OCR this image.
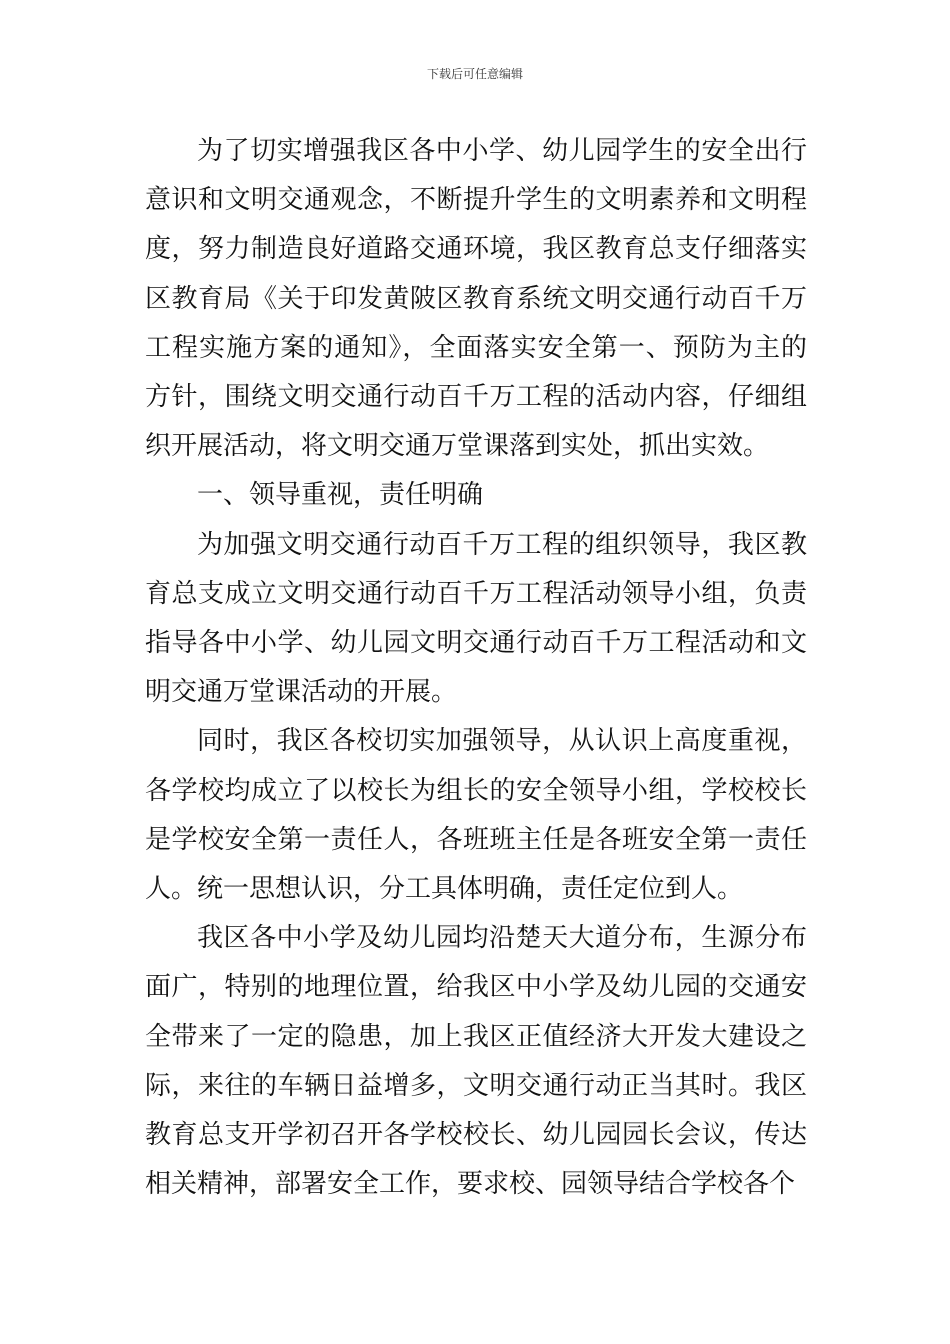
下载后可任意编辑

为了切实增强我区各中小学、幼儿园学生的安全出行意识和文明交通观念，不断提升学生的文明素养和文明程度，努力制造良好道路交通环境，我区教育总支仔细落实区教育局《关于印发黄陂区教育系统文明交通行动百千万工程实施方案的通知》，全面落实安全第一、预防为主的方针，围绕文明交通行动百千万工程的活动内容，仔细组织开展活动，将文明交通万堂课落到实处，抓出实效。

一、领导重视，责任明确

为加强文明交通行动百千万工程的组织领导，我区教育总支成立文明交通行动百千万工程活动领导小组，负责指导各中小学、幼儿园文明交通行动百千万工程活动和文明交通万堂课活动的开展。

同时，我区各校切实加强领导，从认识上高度重视，各学校均成立了以校长为组长的安全领导小组，学校校长是学校安全第一责任人，各班班主任是各班安全第一责任人。统一思想认识，分工具体明确，责任定位到人。

我区各中小学及幼儿园均沿楚天大道分布，生源分布面广，特别的地理位置，给我区中小学及幼儿园的交通安全带来了一定的隐患，加上我区正值经济大开发大建设之际，来往的车辆日益增多，文明交通行动正当其时。我区教育总支开学初召开各学校校长、幼儿园园长会议，传达相关精神，部署安全工作，要求校、园领导结合学校各个
